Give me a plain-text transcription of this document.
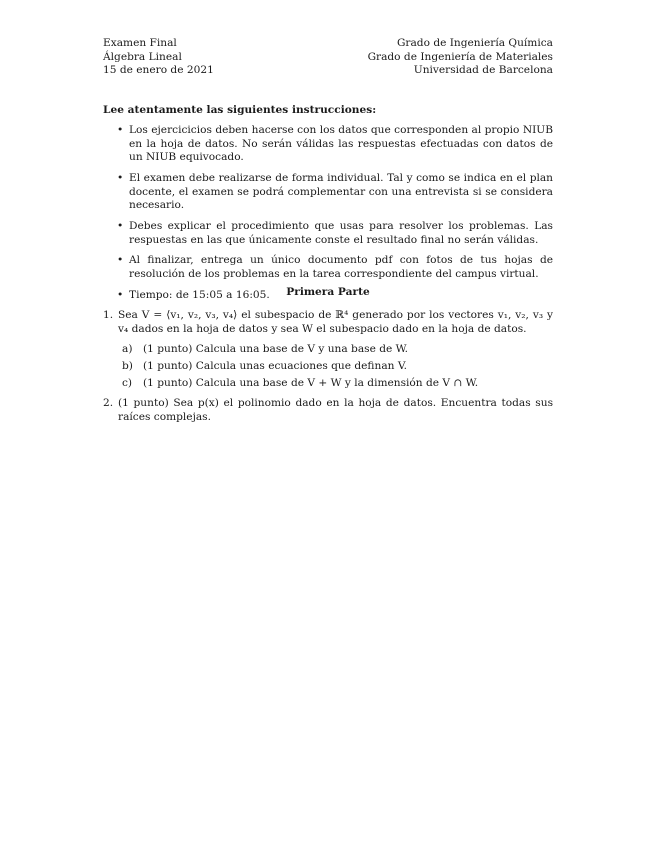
Examen Final
Álgebra Lineal
15 de enero de 2021
Grado de Ingeniería Química
Grado de Ingeniería de Materiales
Universidad de Barcelona
Lee atentamente las siguientes instrucciones:
• Los ejercicicios deben hacerse con los datos que corresponden al propio NIUB en la hoja de datos. No serán válidas las respuestas efectuadas con datos de un NIUB equivocado.
• El examen debe realizarse de forma individual. Tal y como se indica en el plan docente, el examen se podrá complementar con una entrevista si se considera necesario.
• Debes explicar el procedimiento que usas para resolver los problemas. Las respuestas en las que únicamente conste el resultado final no serán válidas.
• Al finalizar, entrega un único documento pdf con fotos de tus hojas de resolución de los problemas en la tarea correspondiente del campus virtual.
• Tiempo: de 15:05 a 16:05.	Primera Parte
1. Sea V = ⟨v₁, v₂, v₃, v₄⟩ el subespacio de ℝ⁴ generado por los vectores v₁, v₂, v₃ y v₄ dados en la hoja de datos y sea W el subespacio dado en la hoja de datos.
a) (1 punto) Calcula una base de V y una base de W.
b) (1 punto) Calcula unas ecuaciones que definan V.
c) (1 punto) Calcula una base de V + W y la dimensión de V ∩ W.
2. (1 punto) Sea p(x) el polinomio dado en la hoja de datos. Encuentra todas sus raíces complejas.
